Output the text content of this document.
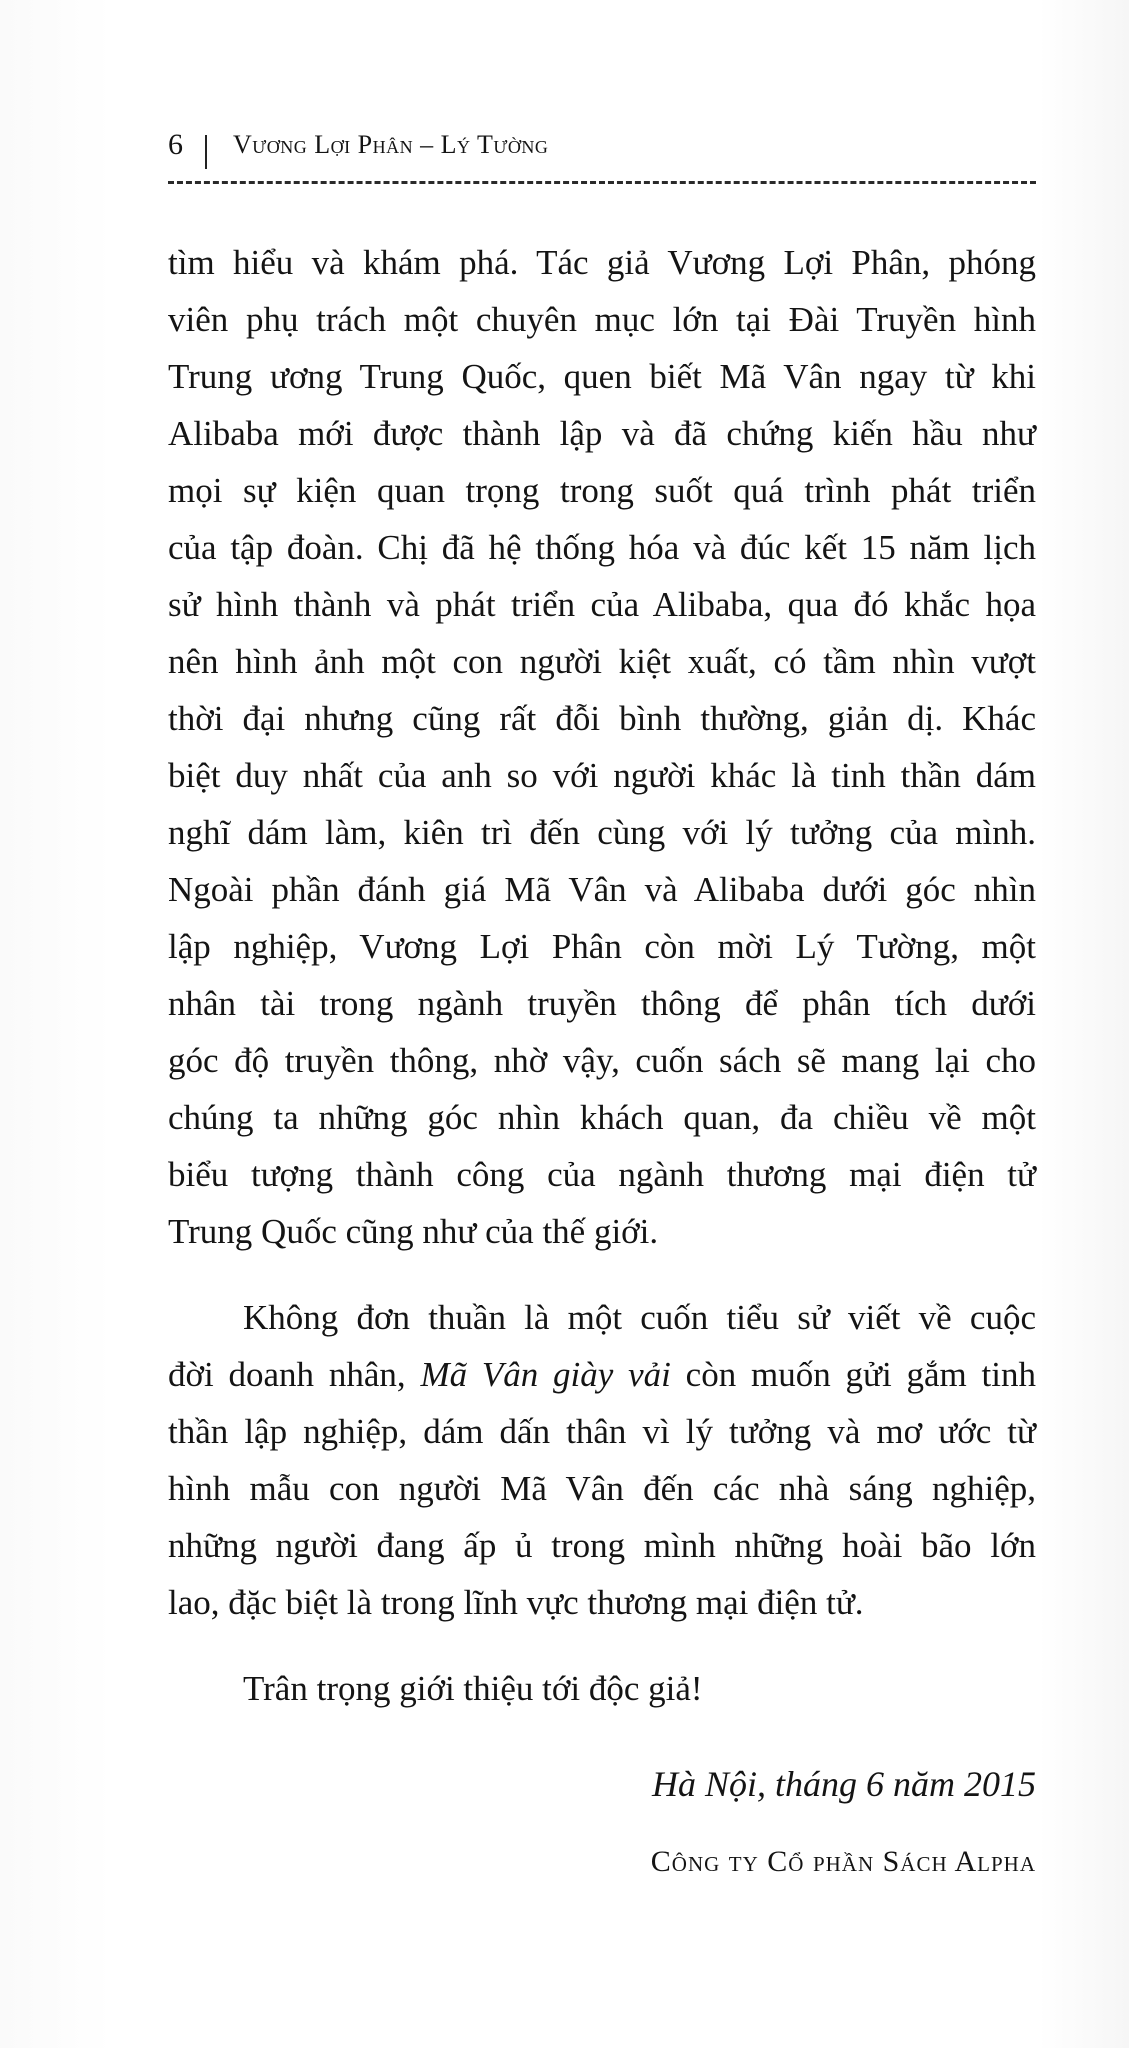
6 Vương Lợi Phân – Lý Tường
tìm hiểu và khám phá. Tác giả Vương Lợi Phân, phóng
viên phụ trách một chuyên mục lớn tại Đài Truyền hình
Trung ương Trung Quốc, quen biết Mã Vân ngay từ khi
Alibaba mới được thành lập và đã chứng kiến hầu như
mọi sự kiện quan trọng trong suốt quá trình phát triển
của tập đoàn. Chị đã hệ thống hóa và đúc kết 15 năm lịch
sử hình thành và phát triển của Alibaba, qua đó khắc họa
nên hình ảnh một con người kiệt xuất, có tầm nhìn vượt
thời đại nhưng cũng rất đỗi bình thường, giản dị. Khác
biệt duy nhất của anh so với người khác là tinh thần dám
nghĩ dám làm, kiên trì đến cùng với lý tưởng của mình.
Ngoài phần đánh giá Mã Vân và Alibaba dưới góc nhìn
lập nghiệp, Vương Lợi Phân còn mời Lý Tường, một
nhân tài trong ngành truyền thông để phân tích dưới
góc độ truyền thông, nhờ vậy, cuốn sách sẽ mang lại cho
chúng ta những góc nhìn khách quan, đa chiều về một
biểu tượng thành công của ngành thương mại điện tử
Trung Quốc cũng như của thế giới.
Không đơn thuần là một cuốn tiểu sử viết về cuộc
đời doanh nhân, Mã Vân giày vải còn muốn gửi gắm tinh
thần lập nghiệp, dám dấn thân vì lý tưởng và mơ ước từ
hình mẫu con người Mã Vân đến các nhà sáng nghiệp,
những người đang ấp ủ trong mình những hoài bão lớn
lao, đặc biệt là trong lĩnh vực thương mại điện tử.
Trân trọng giới thiệu tới độc giả!
Hà Nội, tháng 6 năm 2015
Công ty Cổ phần Sách Alpha
